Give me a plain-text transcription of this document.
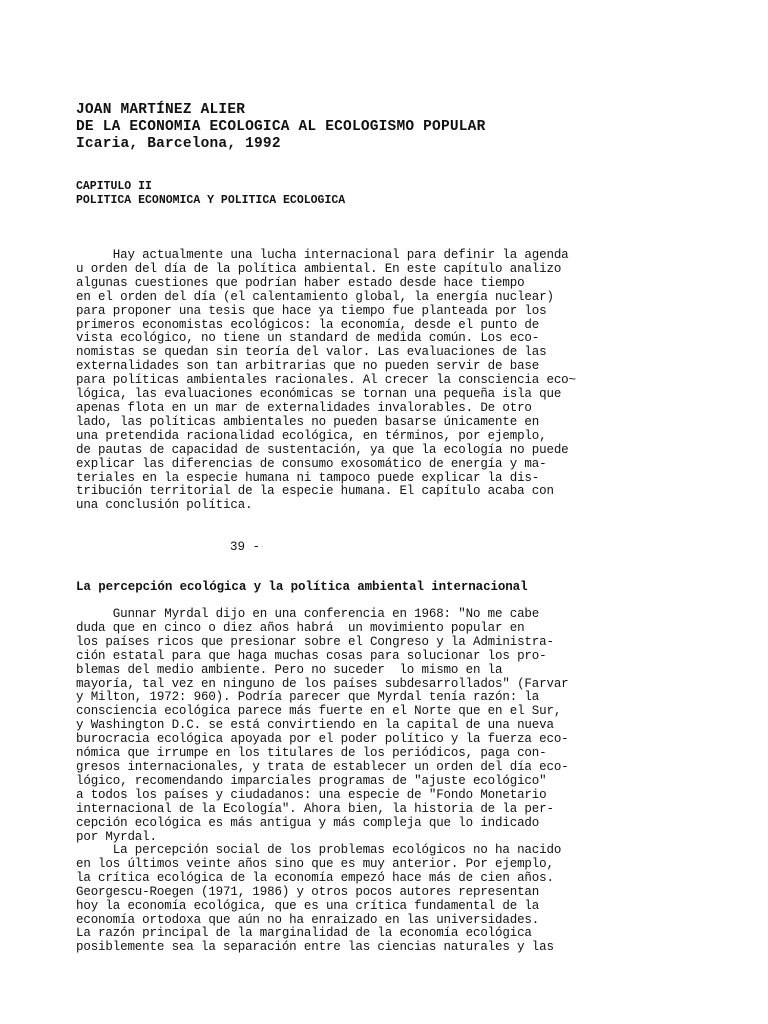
JOAN MARTÍNEZ ALIER
DE LA ECONOMIA ECOLOGICA AL ECOLOGISMO POPULAR
Icaria, Barcelona, 1992
CAPITULO II
POLITICA ECONOMICA Y POLITICA ECOLOGICA
Hay actualmente una lucha internacional para definir la agenda
u orden del día de la política ambiental. En este capítulo analizo
algunas cuestiones que podrían haber estado desde hace tiempo
en el orden del día (el calentamiento global, la energía nuclear)
para proponer una tesis que hace ya tiempo fue planteada por los
primeros economistas ecológicos: la economía, desde el punto de
vista ecológico, no tiene un standard de medida común. Los eco-
nomistas se quedan sin teoría del valor. Las evaluaciones de las
externalidades son tan arbitrarias que no pueden servir de base
para políticas ambientales racionales. Al crecer la consciencia eco~
lógica, las evaluaciones económicas se tornan una pequeña isla que
apenas flota en un mar de externalidades invalorables. De otro
lado, las políticas ambientales no pueden basarse únicamente en
una pretendida racionalidad ecológica, en términos, por ejemplo,
de pautas de capacidad de sustentación, ya que la ecología no puede
explicar las diferencias de consumo exosomático de energía y ma-
teriales en la especie humana ni tampoco puede explicar la dis-
tribución territorial de la especie humana. El capítulo acaba con
una conclusión política.
39 -
La percepción ecológica y la política ambiental internacional
Gunnar Myrdal dijo en una conferencia en 1968: "No me cabe
duda que en cinco o diez años habrá  un movimiento popular en
los países ricos que presionar sobre el Congreso y la Administra-
ción estatal para que haga muchas cosas para solucionar los pro-
blemas del medio ambiente. Pero no suceder  lo mismo en la
mayoría, tal vez en ninguno de los países subdesarrollados" (Farvar
y Milton, 1972: 960). Podría parecer que Myrdal tenía razón: la
consciencia ecológica parece más fuerte en el Norte que en el Sur,
y Washington D.C. se está convirtiendo en la capital de una nueva
burocracia ecológica apoyada por el poder político y la fuerza eco-
nómica que irrumpe en los titulares de los periódicos, paga con-
gresos internacionales, y trata de establecer un orden del día eco-
lógico, recomendando imparciales programas de "ajuste ecológico"
a todos los países y ciudadanos: una especie de "Fondo Monetario
internacional de la Ecología". Ahora bien, la historia de la per-
cepción ecológica es más antigua y más compleja que lo indicado
por Myrdal.
La percepción social de los problemas ecológicos no ha nacido
en los últimos veinte años sino que es muy anterior. Por ejemplo,
la crítica ecológica de la economía empezó hace más de cien años.
Georgescu-Roegen (1971, 1986) y otros pocos autores representan
hoy la economía ecológica, que es una crítica fundamental de la
economía ortodoxa que aún no ha enraizado en las universidades.
La razón principal de la marginalidad de la economía ecológica
posiblemente sea la separación entre las ciencias naturales y las
